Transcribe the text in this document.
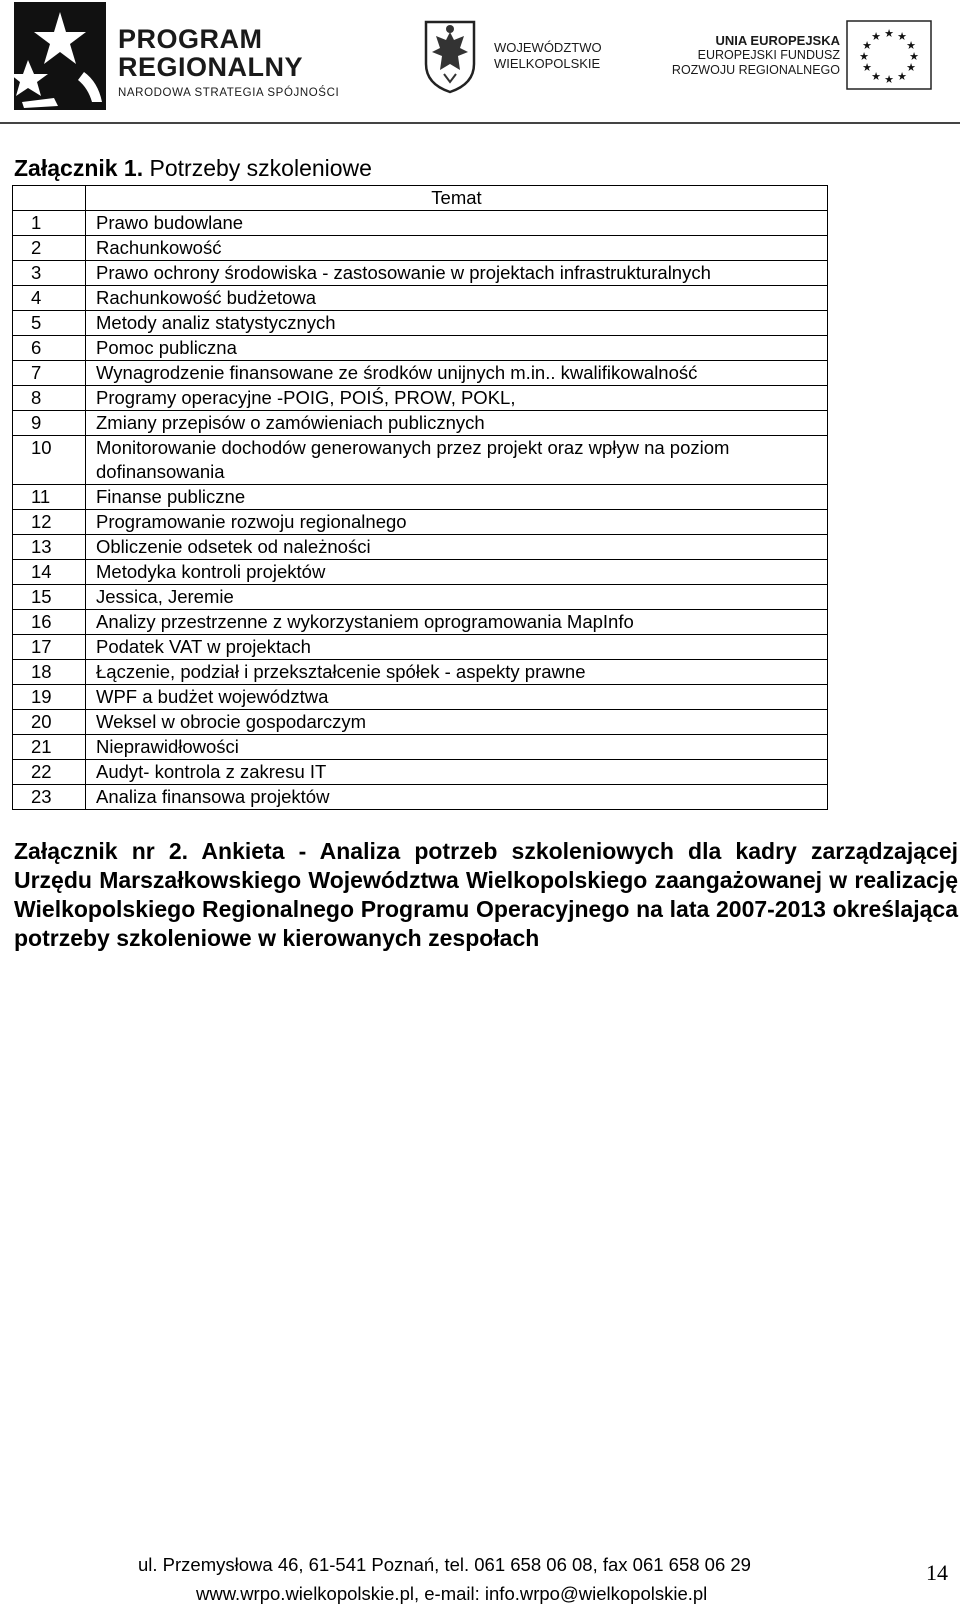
PROGRAM
REGIONALNY
NARODOWA STRATEGIA SPÓJNOŚCI
WOJEWÓDZTWO
WIELKOPOLSKIE
UNIA EUROPEJSKA
EUROPEJSKI FUNDUSZ
ROZWOJU REGIONALNEGO
★ ★
★
★
★
★
★
★
★
★
★
★
Załącznik 1. Potrzeby szkoleniowe
	Temat
1	Prawo budowlane
2	Rachunkowość
3	Prawo ochrony środowiska - zastosowanie w projektach infrastrukturalnych
4	Rachunkowość budżetowa
5	Metody analiz statystycznych
6	Pomoc publiczna
7	Wynagrodzenie finansowane ze środków unijnych m.in.. kwalifikowalność
8	Programy operacyjne -POIG, POIŚ, PROW, POKL,
9	Zmiany przepisów o zamówieniach publicznych
10	Monitorowanie dochodów generowanych przez projekt oraz wpływ na poziom dofinansowania
11	Finanse publiczne
12	Programowanie rozwoju regionalnego
13	Obliczenie odsetek od należności
14	Metodyka kontroli projektów
15	Jessica, Jeremie
16	Analizy przestrzenne z wykorzystaniem oprogramowania MapInfo
17	Podatek VAT w projektach
18	Łączenie, podział i przekształcenie spółek - aspekty prawne
19	WPF a budżet województwa
20	Weksel w obrocie gospodarczym
21	Nieprawidłowości
22	Audyt- kontrola z zakresu IT
23	Analiza finansowa projektów
Załącznik nr 2. Ankieta - Analiza potrzeb szkoleniowych dla kadry zarządzającej Urzędu Marszałkowskiego Województwa Wielkopolskiego zaangażowanej w realizację Wielkopolskiego Regionalnego Programu Operacyjnego na lata 2007-2013 określająca potrzeby szkoleniowe w kierowanych zespołach
ul. Przemysłowa 46, 61-541 Poznań, tel. 061 658 06 08, fax 061 658 06 29
www.wrpo.wielkopolskie.pl, e-mail: info.wrpo@wielkopolskie.pl
14
